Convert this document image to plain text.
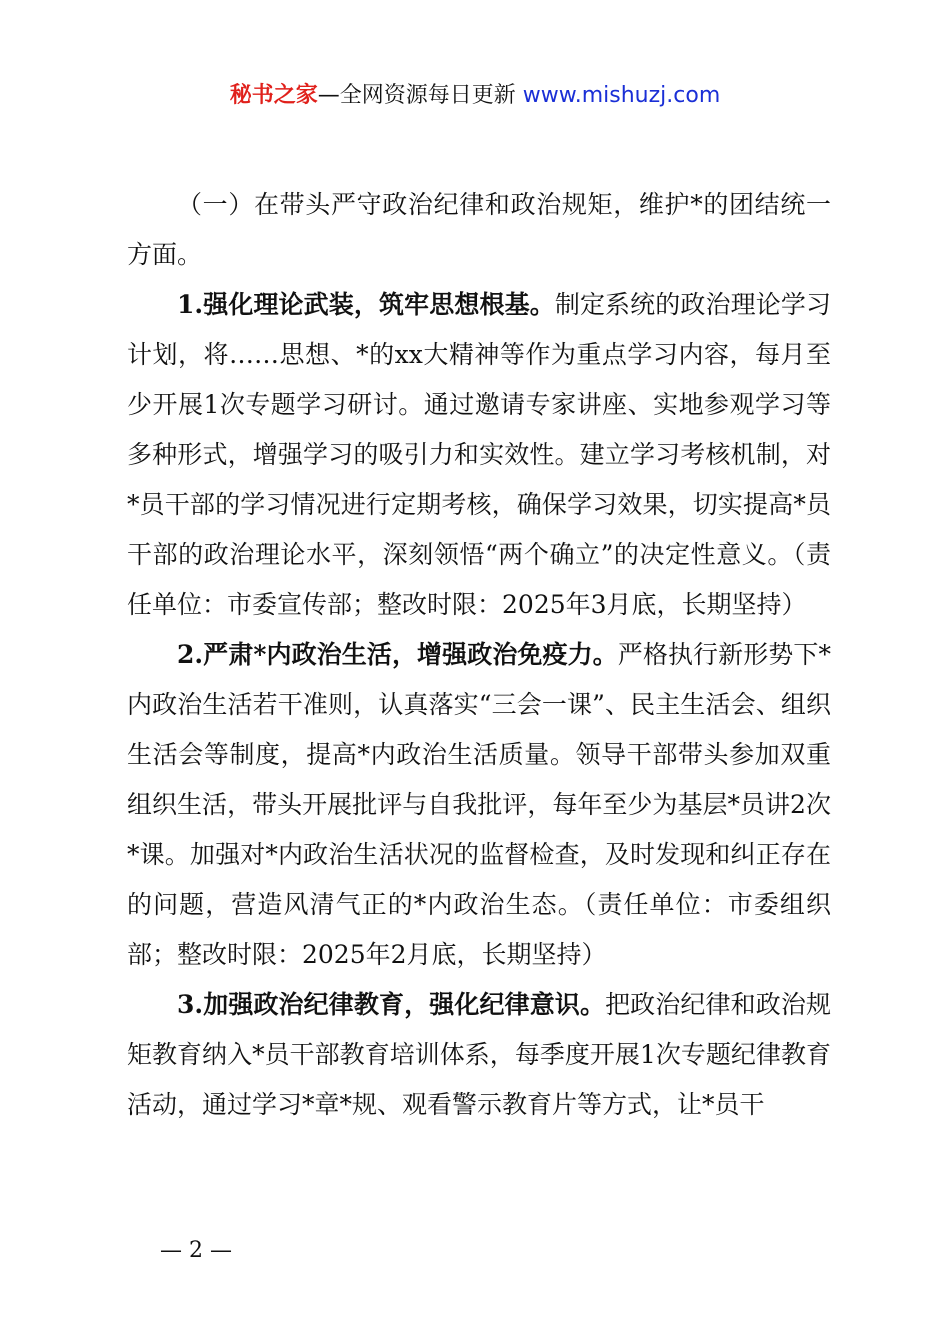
秘书之家—全网资源每日更新 www.mishuzj.com

（一）在带头严守政治纪律和政治规矩，维护*的团结统一方面。

1.强化理论武装，筑牢思想根基。制定系统的政治理论学习计划，将……思想、*的xx大精神等作为重点学习内容，每月至少开展1次专题学习研讨。通过邀请专家讲座、实地参观学习等多种形式，增强学习的吸引力和实效性。建立学习考核机制，对*员干部的学习情况进行定期考核，确保学习效果，切实提高*员干部的政治理论水平，深刻领悟“两个确立”的决定性意义。（责任单位：市委宣传部；整改时限：2025年3月底，长期坚持）

2.严肃*内政治生活，增强政治免疫力。严格执行新形势下*内政治生活若干准则，认真落实“三会一课”、民主生活会、组织生活会等制度，提高*内政治生活质量。领导干部带头参加双重组织生活，带头开展批评与自我批评，每年至少为基层*员讲2次*课。加强对*内政治生活状况的监督检查，及时发现和纠正存在的问题，营造风清气正的*内政治生态。（责任单位：市委组织部；整改时限：2025年2月底，长期坚持）

3.加强政治纪律教育，强化纪律意识。把政治纪律和政治规矩教育纳入*员干部教育培训体系，每季度开展1次专题纪律教育活动，通过学习*章*规、观看警示教育片等方式，让*员干

— 2 —
